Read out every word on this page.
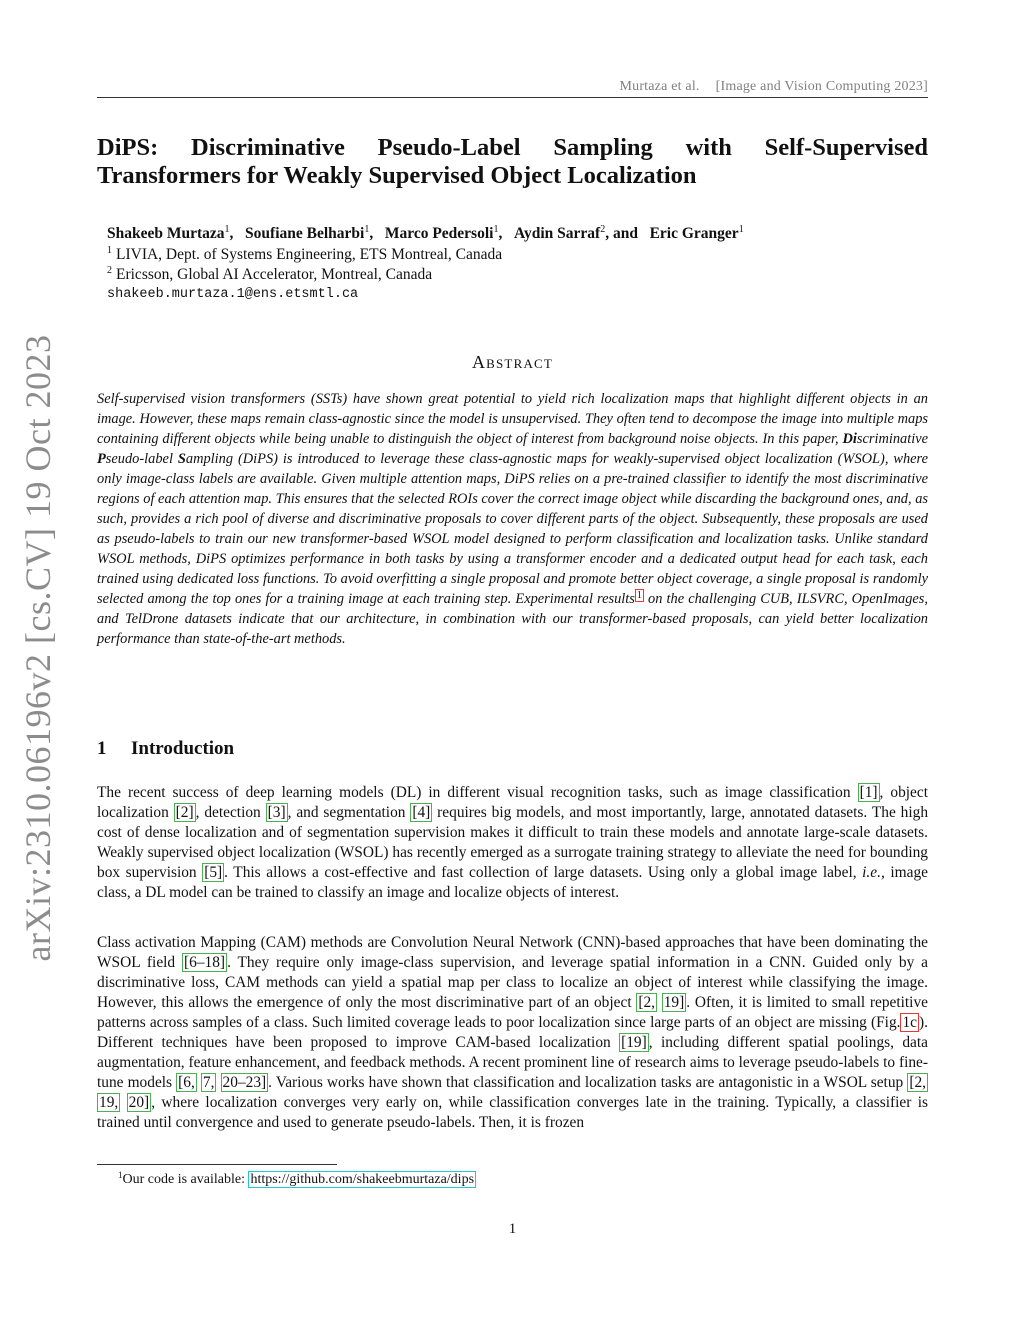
Murtaza et al. [Image and Vision Computing 2023]
arXiv:2310.06196v2 [cs.CV] 19 Oct 2023
DiPS: Discriminative Pseudo-Label Sampling with Self-Supervised
Transformers for Weakly Supervised Object Localization
Shakeeb Murtaza$^1$,   Soufiane Belharbi$^1$,   Marco Pedersoli$^1$,   Aydin Sarraf$^2$, and   Eric Granger$^1$
$^1$ LIVIA, Dept. of Systems Engineering, ETS Montreal, Canada
$^2$ Ericsson, Global AI Accelerator, Montreal, Canada
shakeeb.murtaza.1@ens.etsmtl.ca
Abstract

Self-supervised vision transformers (SSTs) have shown great potential to yield rich localization maps that highlight different objects in an image. However, these maps remain class-agnostic since the model is unsupervised. They often tend to decompose the image into multiple maps containing different objects while being unable to distinguish the object of interest from background noise objects. In this paper, Discriminative Pseudo-label Sampling (DiPS) is introduced to leverage these class-agnostic maps for weakly-supervised object localization (WSOL), where only image-class labels are available. Given multiple attention maps, DiPS relies on a pre-trained classifier to identify the most discriminative regions of each attention map. This ensures that the selected ROIs cover the correct image object while discarding the background ones, and, as such, provides a rich pool of diverse and discriminative proposals to cover different parts of the object. Subsequently, these proposals are used as pseudo-labels to train our new transformer-based WSOL model designed to perform classification and localization tasks. Unlike standard WSOL methods, DiPS optimizes performance in both tasks by using a transformer encoder and a dedicated output head for each task, each trained using dedicated loss functions. To avoid overfitting a single proposal and promote better object coverage, a single proposal is randomly selected among the top ones for a training image at each training step. Experimental results $^1$ on the challenging CUB, ILSVRC, OpenImages, and TelDrone datasets indicate that our architecture, in combination with our transformer-based proposals, can yield better localization performance than state-of-the-art methods.

1 Introduction

The recent success of deep learning models (DL) in different visual recognition tasks, such as image classification [1] , object localization [2] , detection [3] , and segmentation [4] requires big models, and most importantly, large, annotated datasets. The high cost of dense localization and of segmentation supervision makes it difficult to train these models and annotate large-scale datasets. Weakly supervised object localization (WSOL) has recently emerged as a surrogate training strategy to alleviate the need for bounding box supervision [5] . This allows a cost-effective and fast collection of large datasets. Using only a global image label, i.e., image class, a DL model can be trained to classify an image and localize objects of interest.

Class activation Mapping (CAM) methods are Convolution Neural Network (CNN)-based approaches that have been dominating the WSOL field [6–18] . They require only image-class supervision, and leverage spatial information in a CNN. Guided only by a discriminative loss, CAM methods can yield a spatial map per class to localize an object of interest while classifying the image. However, this allows the emergence of only the most discriminative part of an object [2, 19] . Often, it is limited to small repetitive patterns across samples of a class. Such limited coverage leads to poor localization since large parts of an object are missing (Fig. 1c ). Different techniques have been proposed to improve CAM-based localization [19] , including different spatial poolings, data augmentation, feature enhancement, and feedback methods. A recent prominent line of research aims to leverage pseudo-labels to fine-tune models [6, 7, 20–23] . Various works have shown that classification and localization tasks are antagonistic in a WSOL setup [2, 19, 20] , where localization converges very early on, while classification converges late in the training. Typically, a classifier is trained until convergence and used to generate pseudo-labels. Then, it is frozen

$^1$Our code is available: https://github.com/shakeebmurtaza/dips
1
